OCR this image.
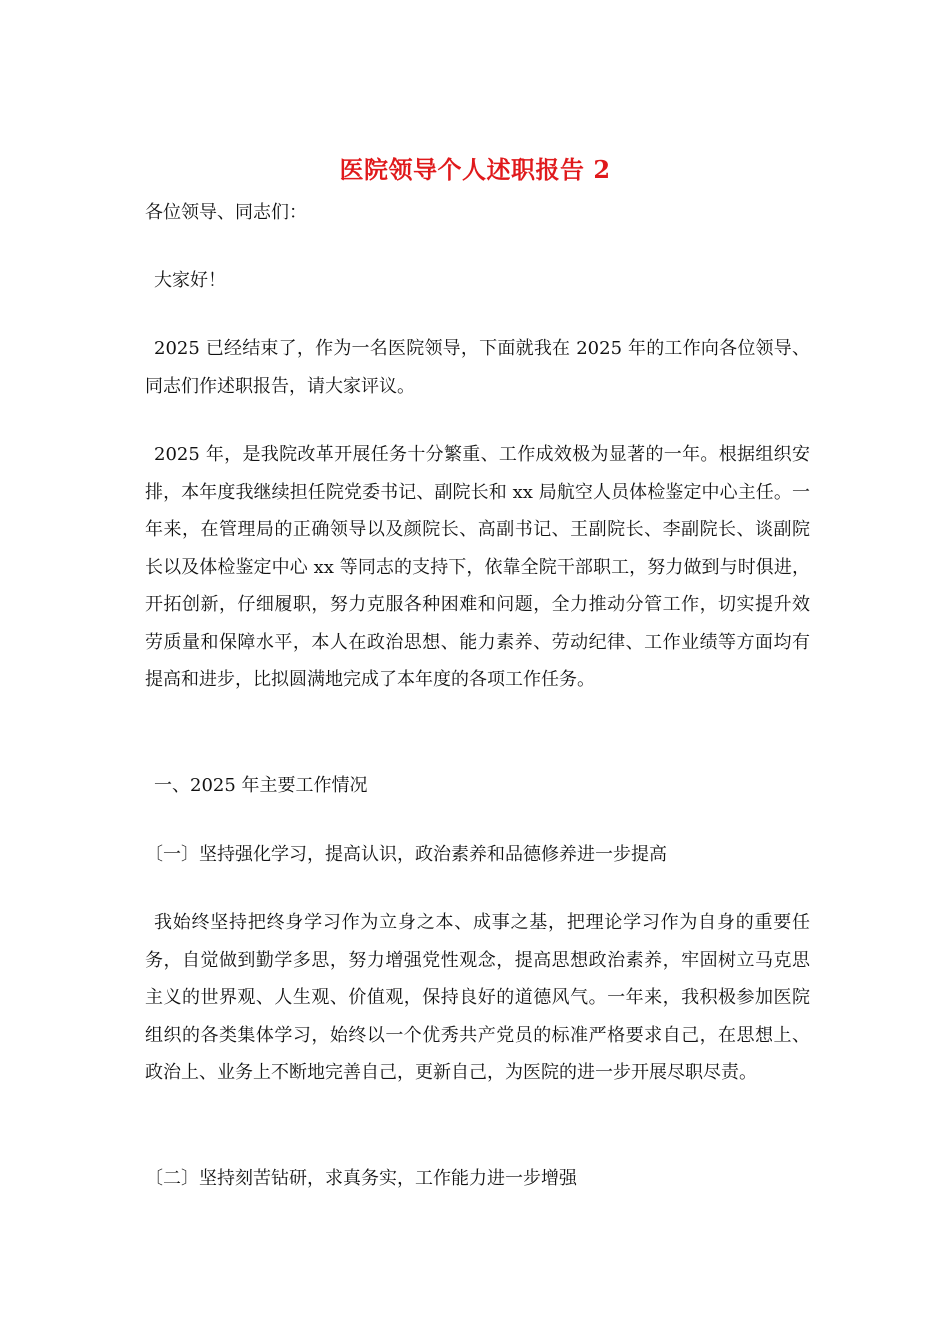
医院领导个人述职报告 2

各位领导、同志们：

大家好！

2025 已经结束了，作为一名医院领导，下面就我在 2025 年的工作向各位领导、同志们作述职报告，请大家评议。

2025 年，是我院改革开展任务十分繁重、工作成效极为显著的一年。根据组织安排，本年度我继续担任院党委书记、副院长和 xx 局航空人员体检鉴定中心主任。一年来，在管理局的正确领导以及颜院长、高副书记、王副院长、李副院长、谈副院长以及体检鉴定中心 xx 等同志的支持下，依靠全院干部职工，努力做到与时俱进，开拓创新，仔细履职，努力克服各种困难和问题，全力推动分管工作，切实提升效劳质量和保障水平，本人在政治思想、能力素养、劳动纪律、工作业绩等方面均有提高和进步，比拟圆满地完成了本年度的各项工作任务。

一、2025 年主要工作情况

〔一〕坚持强化学习，提高认识，政治素养和品德修养进一步提高

我始终坚持把终身学习作为立身之本、成事之基，把理论学习作为自身的重要任务，自觉做到勤学多思，努力增强党性观念，提高思想政治素养，牢固树立马克思主义的世界观、人生观、价值观，保持良好的道德风气。一年来，我积极参加医院组织的各类集体学习，始终以一个优秀共产党员的标准严格要求自己，在思想上、政治上、业务上不断地完善自己，更新自己，为医院的进一步开展尽职尽责。

〔二〕坚持刻苦钻研，求真务实，工作能力进一步增强
